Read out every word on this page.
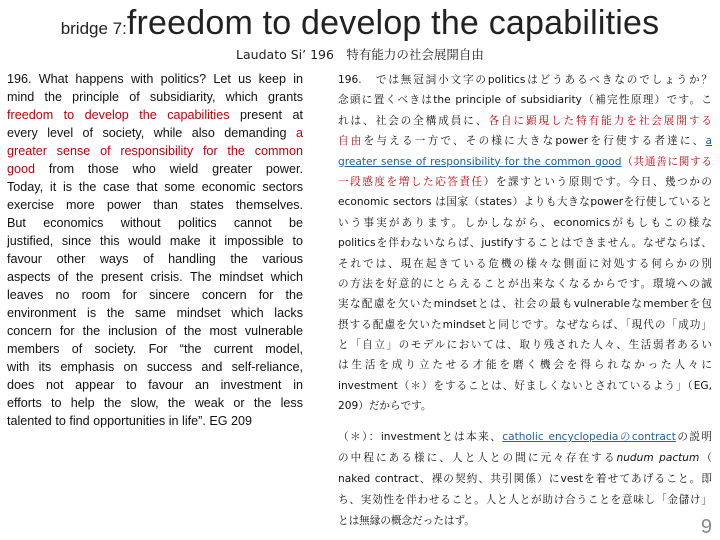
bridge 7:freedom to develop the capabilities
Laudato Si’ 196　特有能力の社会展開自由
196. What happens with politics? Let us keep in
mind the principle of subsidiarity, which grants
freedom to develop the capabilities present at
every level of society, while also demanding a
greater sense of responsibility for the common
good from those who wield greater power.
Today, it is the case that some economic sectors
exercise more power than states themselves.
But economics without politics cannot be
justified, since this would make it impossible to
favour other ways of handling the various
aspects of the present crisis. The mindset which
leaves no room for sincere concern for the
environment is the same mindset which lacks
concern for the inclusion of the most vulnerable
members of society. For “the current model,
with its emphasis on success and self-reliance,
does not appear to favour an investment in
efforts to help the slow, the weak or the less
talented to find opportunities in life”. EG 209
196.　では無冠詞小文字のpoliticsはどうあるべきなのでしょうか？
念頭に置くべきはthe principle of subsidiarity（補完性原理）です。こ
れは、社会の全構成員に、各自に顕現した特有能力を社会展開する
自由を与える一方で、その様に大きなpowerを行使する者達に、a
greater sense of responsibility for the common good（共通善に関する
一段感度を増した応答責任）を課すという原則です。今日、幾つかの
economic sectors は国家（states）よりも大きなpowerを行使していると
いう事実があります。しかしながら、economicsがもしもこの様な
politicsを伴わないならば、justifyすることはできません。なぜならば、
それでは、現在起きている危機の様々な側面に対処する何らかの別
の方法を好意的にとらえることが出来なくなるからです。環境への誠
実な配慮を欠いたmindsetとは、社会の最もvulnerableなmemberを包
摂する配慮を欠いたmindsetと同じです。なぜならば、「現代の「成功」
と「自立」のモデルにおいては、取り残された人々、生活弱者あるい
は生活を成り立たせる才能を磨く機会を得られなかった人々に
investment（＊）をすることは、好ましくないとされているよう」（EG,
209）だからです。
（＊）：investmentとは本来、catholic encyclopediaのcontractの説明
の中程にある様に、人と人との間に元々存在するnudum pactum（
naked contract、裸の契約、共引関係）にvestを着せてあげること。即
ち、実効性を伴わせること。人と人とが助け合うことを意味し「金儲け」
とは無縁の概念だったはず。	9
